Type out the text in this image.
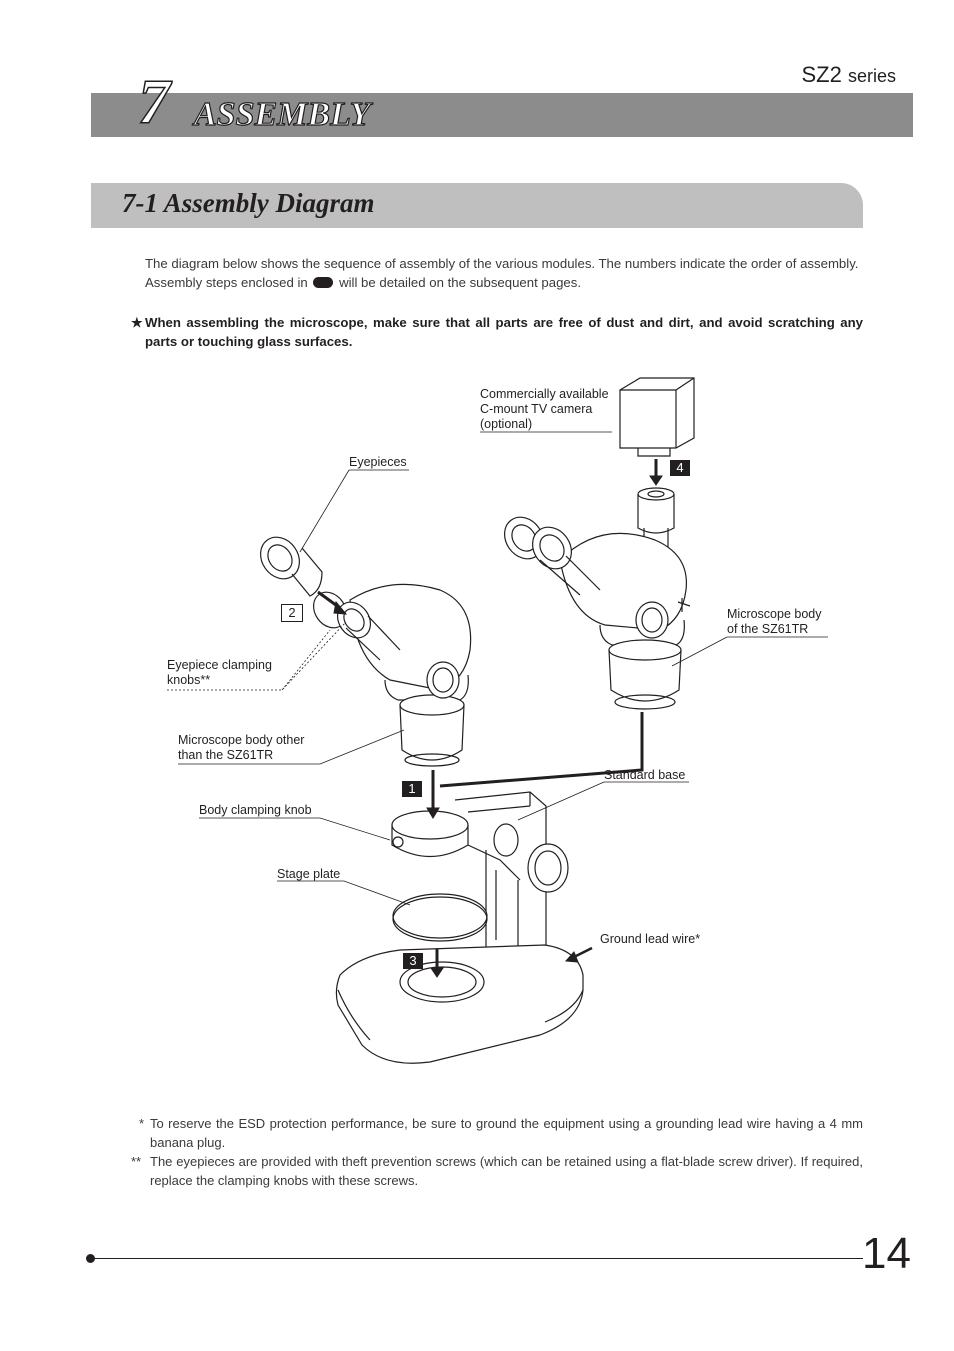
SZ2 series
7 ASSEMBLY
7-1 Assembly Diagram

The diagram below shows the sequence of assembly of the various modules. The numbers indicate the order of assembly.

Assembly steps enclosed in will be detailed on the subsequent pages.

★ When assembling the microscope, make sure that all parts are free of dust and dirt, and avoid scratching any parts or touching glass surfaces.
Commercially available
C-mount TV camera
(optional)
Eyepieces
Eyepiece clamping
knobs**
Microscope body
of the SZ61TR
Microscope body other
than the SZ61TR
Standard base
Body clamping knob
Stage plate
Ground lead wire*
4
2
1
3
* To reserve the ESD protection performance, be sure to ground the equipment using a grounding lead wire having a 4 mm banana plug.
** The eyepieces are provided with theft prevention screws (which can be retained using a flat-blade screw driver). If required, replace the clamping knobs with these screws.
14
